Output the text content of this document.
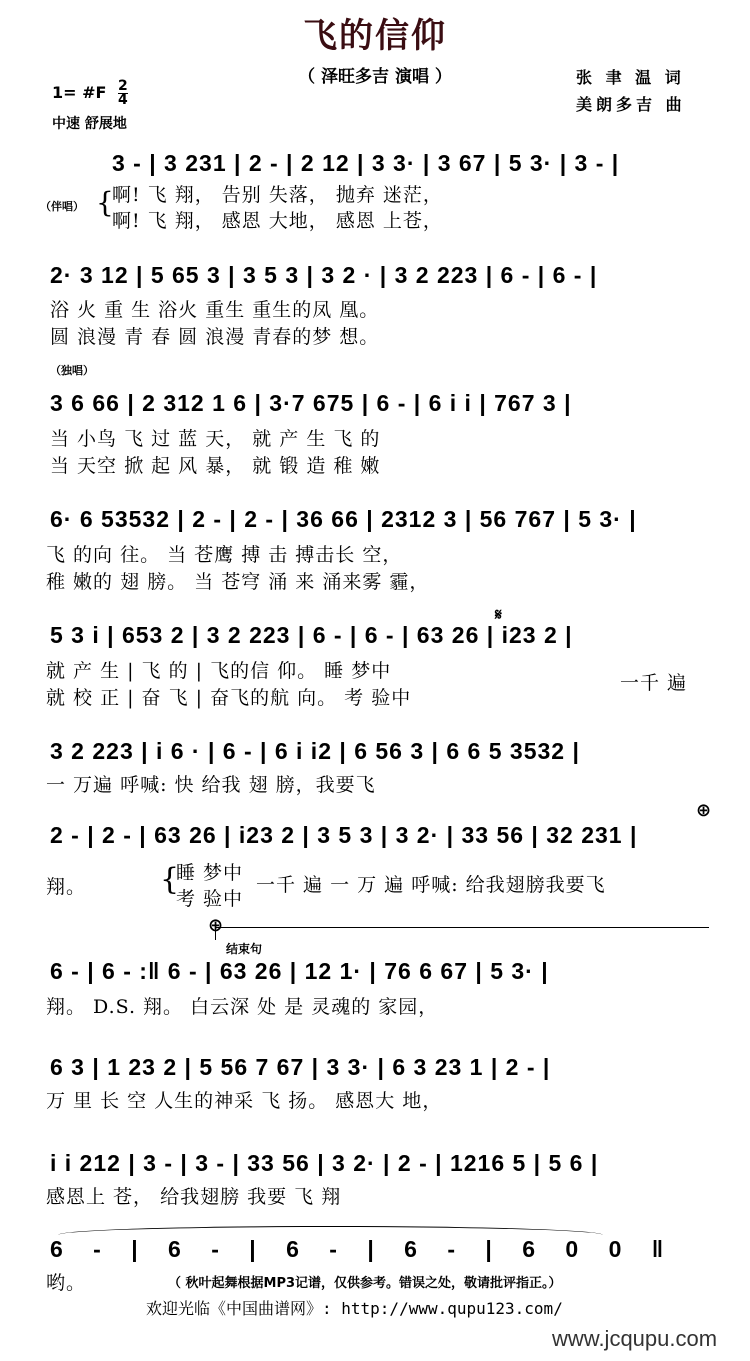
飞的信仰
（ 泽旺多吉 演唱 ）	张 聿 温 词
美朗多吉 曲
1= #F $\frac{2}{4}$
中速 舒展地
3 - | 3 231 | 2 - | 2 12 | 3 3· | 3 67 | 5 3· | 3 - |
（伴唱） {
啊! 飞 翔， 告别 失落， 抛弃 迷茫，
啊! 飞 翔， 感恩 大地， 感恩 上苍，
2· 3 12 | 5 65 3 | 3 5 3 | 3 2 · | 3 2 223 | 6 - | 6 - |
浴 火 重 生 浴火 重生 重生的凤 凰。
圆 浪漫 青 春 圆 浪漫 青春的梦 想。
（独唱）
3 6 66 | 2 312 1 6 | 3·7 675 | 6 - | 6 i i | 767 3 |
当 小鸟 飞 过 蓝 天， 就 产 生 飞 的
当 天空 掀 起 风 暴， 就 锻 造 稚 嫩
6· 6 53532 | 2 - | 2 - | 36 66 | 2312 3 | 56 767 | 5 3· |
飞 的向 往。 当 苍鹰 搏 击 搏击长 空，
稚 嫩的 翅 膀。 当 苍穹 涌 来 涌来雾 霾，
𝄋
5 3 i | 653 2 | 3 2 223 | 6 - | 6 - | 63 26 | i23 2 |
就 产 生 | 飞 的 | 飞的信 仰。 睡 梦中
就 校 正 | 奋 飞 | 奋飞的航 向。 考 验中
一千 遍
3 2 223 | i 6 · | 6 - | 6 i i2 | 6 56 3 | 6 6 5 3532 |
一 万遍 呼喊: 快 给我 翅 膀，我要飞
⊕
2 - | 2 - | 63 26 | i23 2 | 3 5 3 | 3 2· | 33 56 | 32 231 |
翔。 {
睡 梦中
考 验中
一千 遍 一 万 遍 呼喊: 给我翅膀我要飞
⊕
结束句
6 - | 6 - :‖ 6 - | 63 26 | 12 1· | 76 6 67 | 5 3· |
翔。 D.S. 翔。 白云深 处 是 灵魂的 家园，
6 3 | 1 23 2 | 5 56 7 67 | 3 3· | 6 3 23 1 | 2 - |
万 里 长 空 人生的神采 飞 扬。 感恩大 地，
i i 212 | 3 - | 3 - | 33 56 | 3 2· | 2 - | 1216 5 | 5 6 |
感恩上 苍， 给我翅膀 我要 飞 翔
6 - | 6 - | 6 - | 6 - | 6 0 0 ‖
哟。	（ 秋叶起舞根据MP3记谱，仅供参考。错误之处，敬请批评指正。）
欢迎光临《中国曲谱网》: http://www.qupu123.com/
www.jcqupu.com
